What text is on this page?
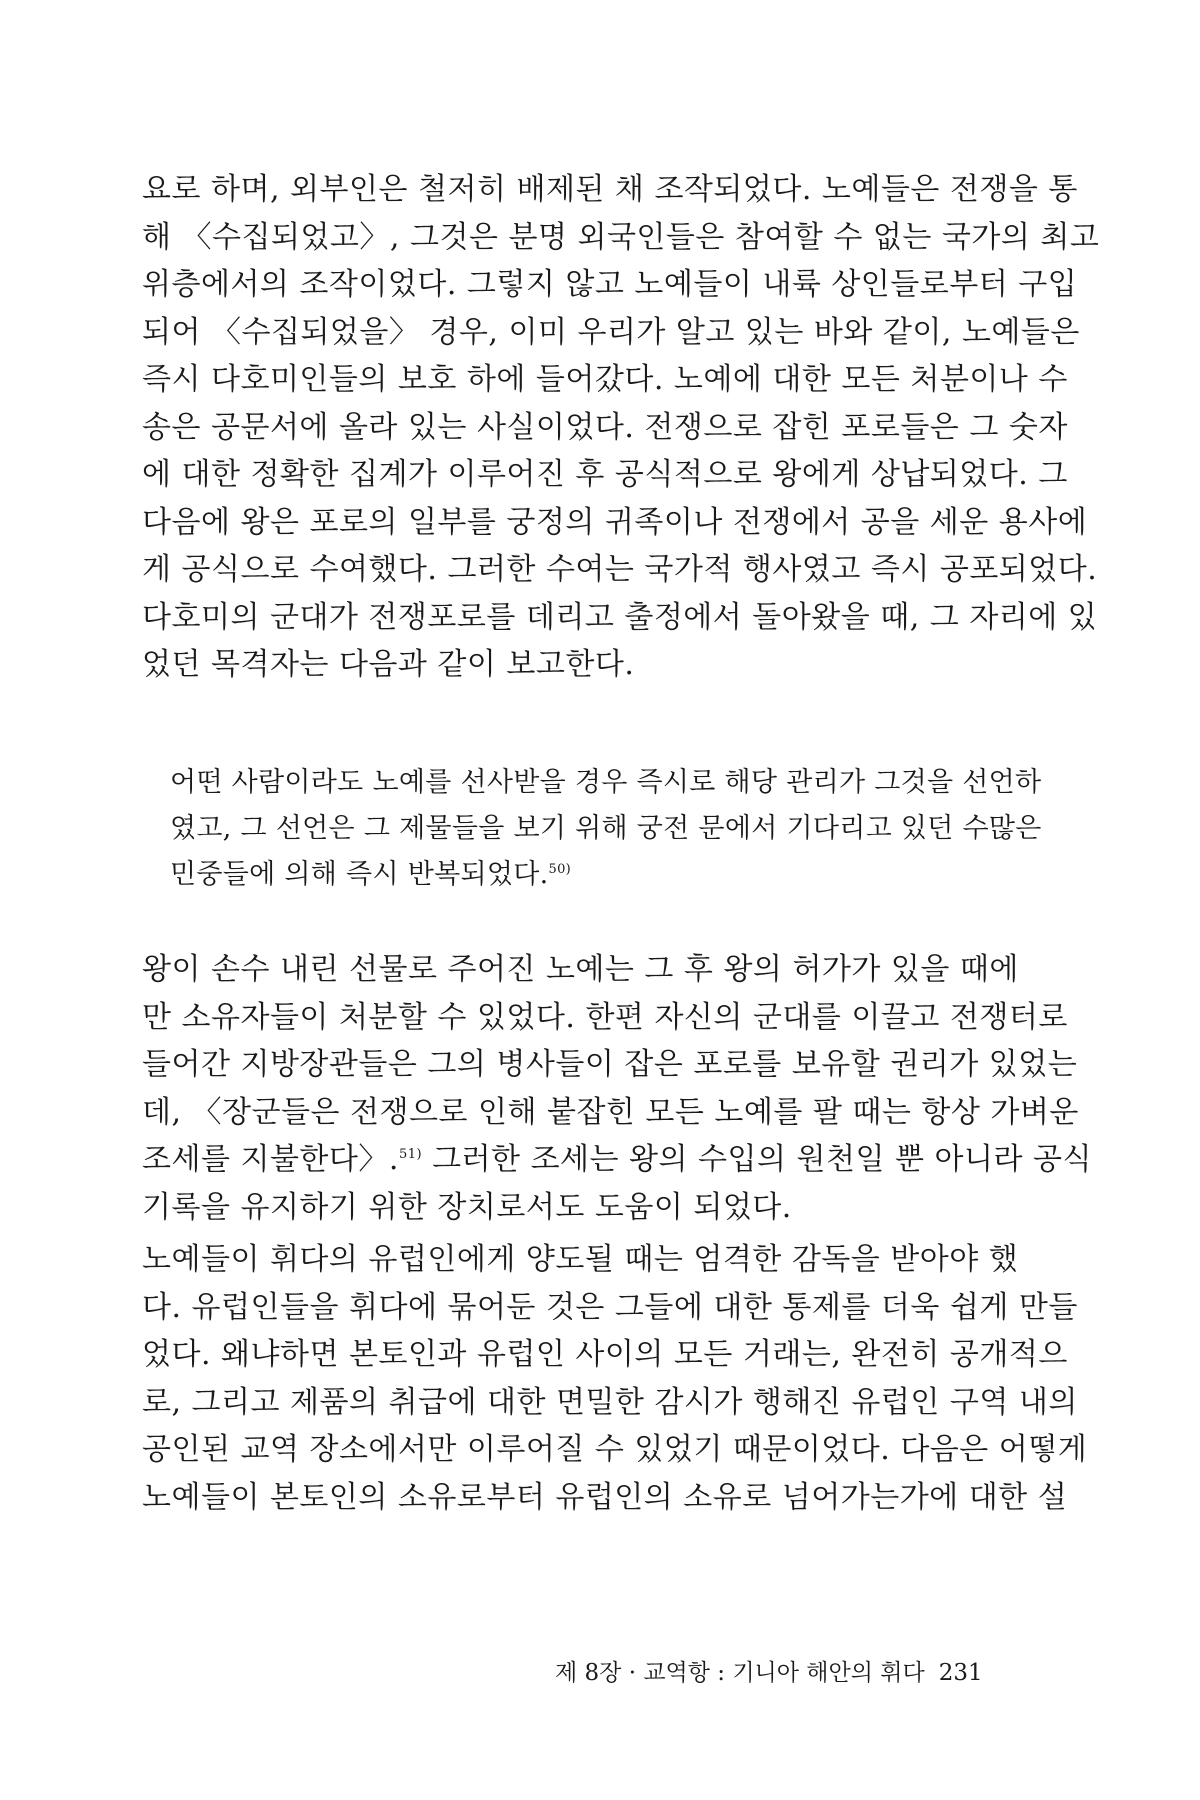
요로 하며, 외부인은 철저히 배제된 채 조작되었다. 노예들은 전쟁을 통
해 〈수집되었고〉, 그것은 분명 외국인들은 참여할 수 없는 국가의 최고
위층에서의 조작이었다. 그렇지 않고 노예들이 내륙 상인들로부터 구입
되어 〈수집되었을〉 경우, 이미 우리가 알고 있는 바와 같이, 노예들은
즉시 다호미인들의 보호 하에 들어갔다. 노예에 대한 모든 처분이나 수
송은 공문서에 올라 있는 사실이었다. 전쟁으로 잡힌 포로들은 그 숫자
에 대한 정확한 집계가 이루어진 후 공식적으로 왕에게 상납되었다. 그
다음에 왕은 포로의 일부를 궁정의 귀족이나 전쟁에서 공을 세운 용사에
게 공식으로 수여했다. 그러한 수여는 국가적 행사였고 즉시 공포되었다.
다호미의 군대가 전쟁포로를 데리고 출정에서 돌아왔을 때, 그 자리에 있
었던 목격자는 다음과 같이 보고한다.
어떤 사람이라도 노예를 선사받을 경우 즉시로 해당 관리가 그것을 선언하
였고, 그 선언은 그 제물들을 보기 위해 궁전 문에서 기다리고 있던 수많은
민중들에 의해 즉시 반복되었다.$^{50)}$
왕이 손수 내린 선물로 주어진 노예는 그 후 왕의 허가가 있을 때에
만 소유자들이 처분할 수 있었다. 한편 자신의 군대를 이끌고 전쟁터로
들어간 지방장관들은 그의 병사들이 잡은 포로를 보유할 권리가 있었는
데, 〈장군들은 전쟁으로 인해 붙잡힌 모든 노예를 팔 때는 항상 가벼운
조세를 지불한다〉.$^{51)}$ 그러한 조세는 왕의 수입의 원천일 뿐 아니라 공식
기록을 유지하기 위한 장치로서도 도움이 되었다.
노예들이 휘다의 유럽인에게 양도될 때는 엄격한 감독을 받아야 했
다. 유럽인들을 휘다에 묶어둔 것은 그들에 대한 통제를 더욱 쉽게 만들
었다. 왜냐하면 본토인과 유럽인 사이의 모든 거래는, 완전히 공개적으
로, 그리고 제품의 취급에 대한 면밀한 감시가 행해진 유럽인 구역 내의
공인된 교역 장소에서만 이루어질 수 있었기 때문이었다. 다음은 어떻게
노예들이 본토인의 소유로부터 유럽인의 소유로 넘어가는가에 대한 설
제 8장 · 교역항 : 기니아 해안의 휘다 231
